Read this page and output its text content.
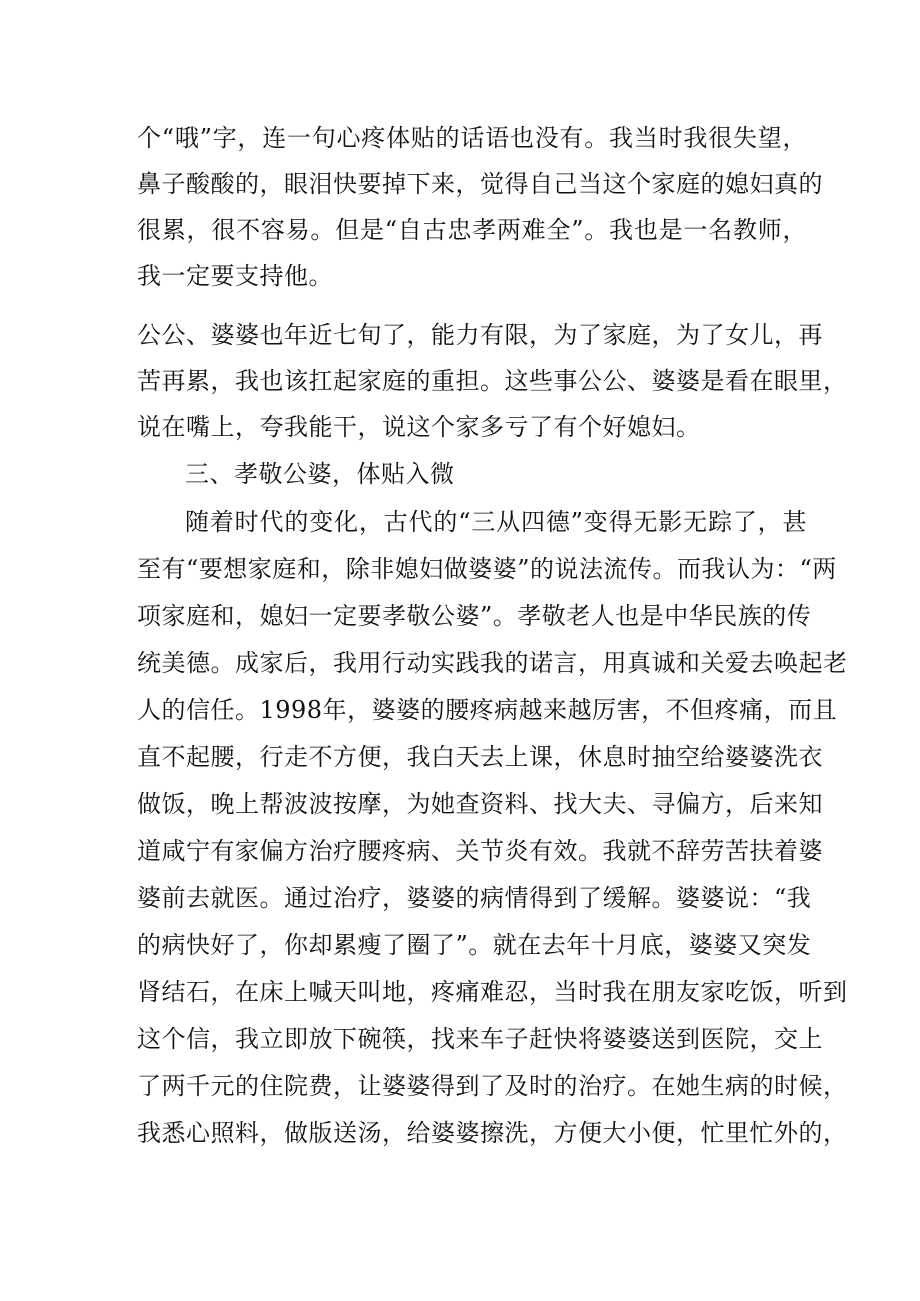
个“哦”字，连一句心疼体贴的话语也没有。我当时我很失望，
鼻子酸酸的，眼泪快要掉下来，觉得自己当这个家庭的媳妇真的
很累，很不容易。但是“自古忠孝两难全”。我也是一名教师，
我一定要支持他。
公公、婆婆也年近七旬了，能力有限，为了家庭，为了女儿，再
苦再累，我也该扛起家庭的重担。这些事公公、婆婆是看在眼里，
说在嘴上，夸我能干，说这个家多亏了有个好媳妇。
三、孝敬公婆，体贴入微
随着时代的变化，古代的“三从四德”变得无影无踪了，甚
至有“要想家庭和，除非媳妇做婆婆”的说法流传。而我认为：“两
项家庭和，媳妇一定要孝敬公婆”。孝敬老人也是中华民族的传
统美德。成家后，我用行动实践我的诺言，用真诚和关爱去唤起老
人的信任。1998年，婆婆的腰疼病越来越厉害，不但疼痛，而且
直不起腰，行走不方便，我白天去上课，休息时抽空给婆婆洗衣
做饭，晚上帮波波按摩，为她查资料、找大夫、寻偏方，后来知
道咸宁有家偏方治疗腰疼病、关节炎有效。我就不辞劳苦扶着婆
婆前去就医。通过治疗，婆婆的病情得到了缓解。婆婆说：“我
的病快好了，你却累瘦了圈了”。就在去年十月底，婆婆又突发
肾结石，在床上喊天叫地，疼痛难忍，当时我在朋友家吃饭，听到
这个信，我立即放下碗筷，找来车子赶快将婆婆送到医院，交上
了两千元的住院费，让婆婆得到了及时的治疗。在她生病的时候，
我悉心照料，做版送汤，给婆婆擦洗，方便大小便，忙里忙外的，
